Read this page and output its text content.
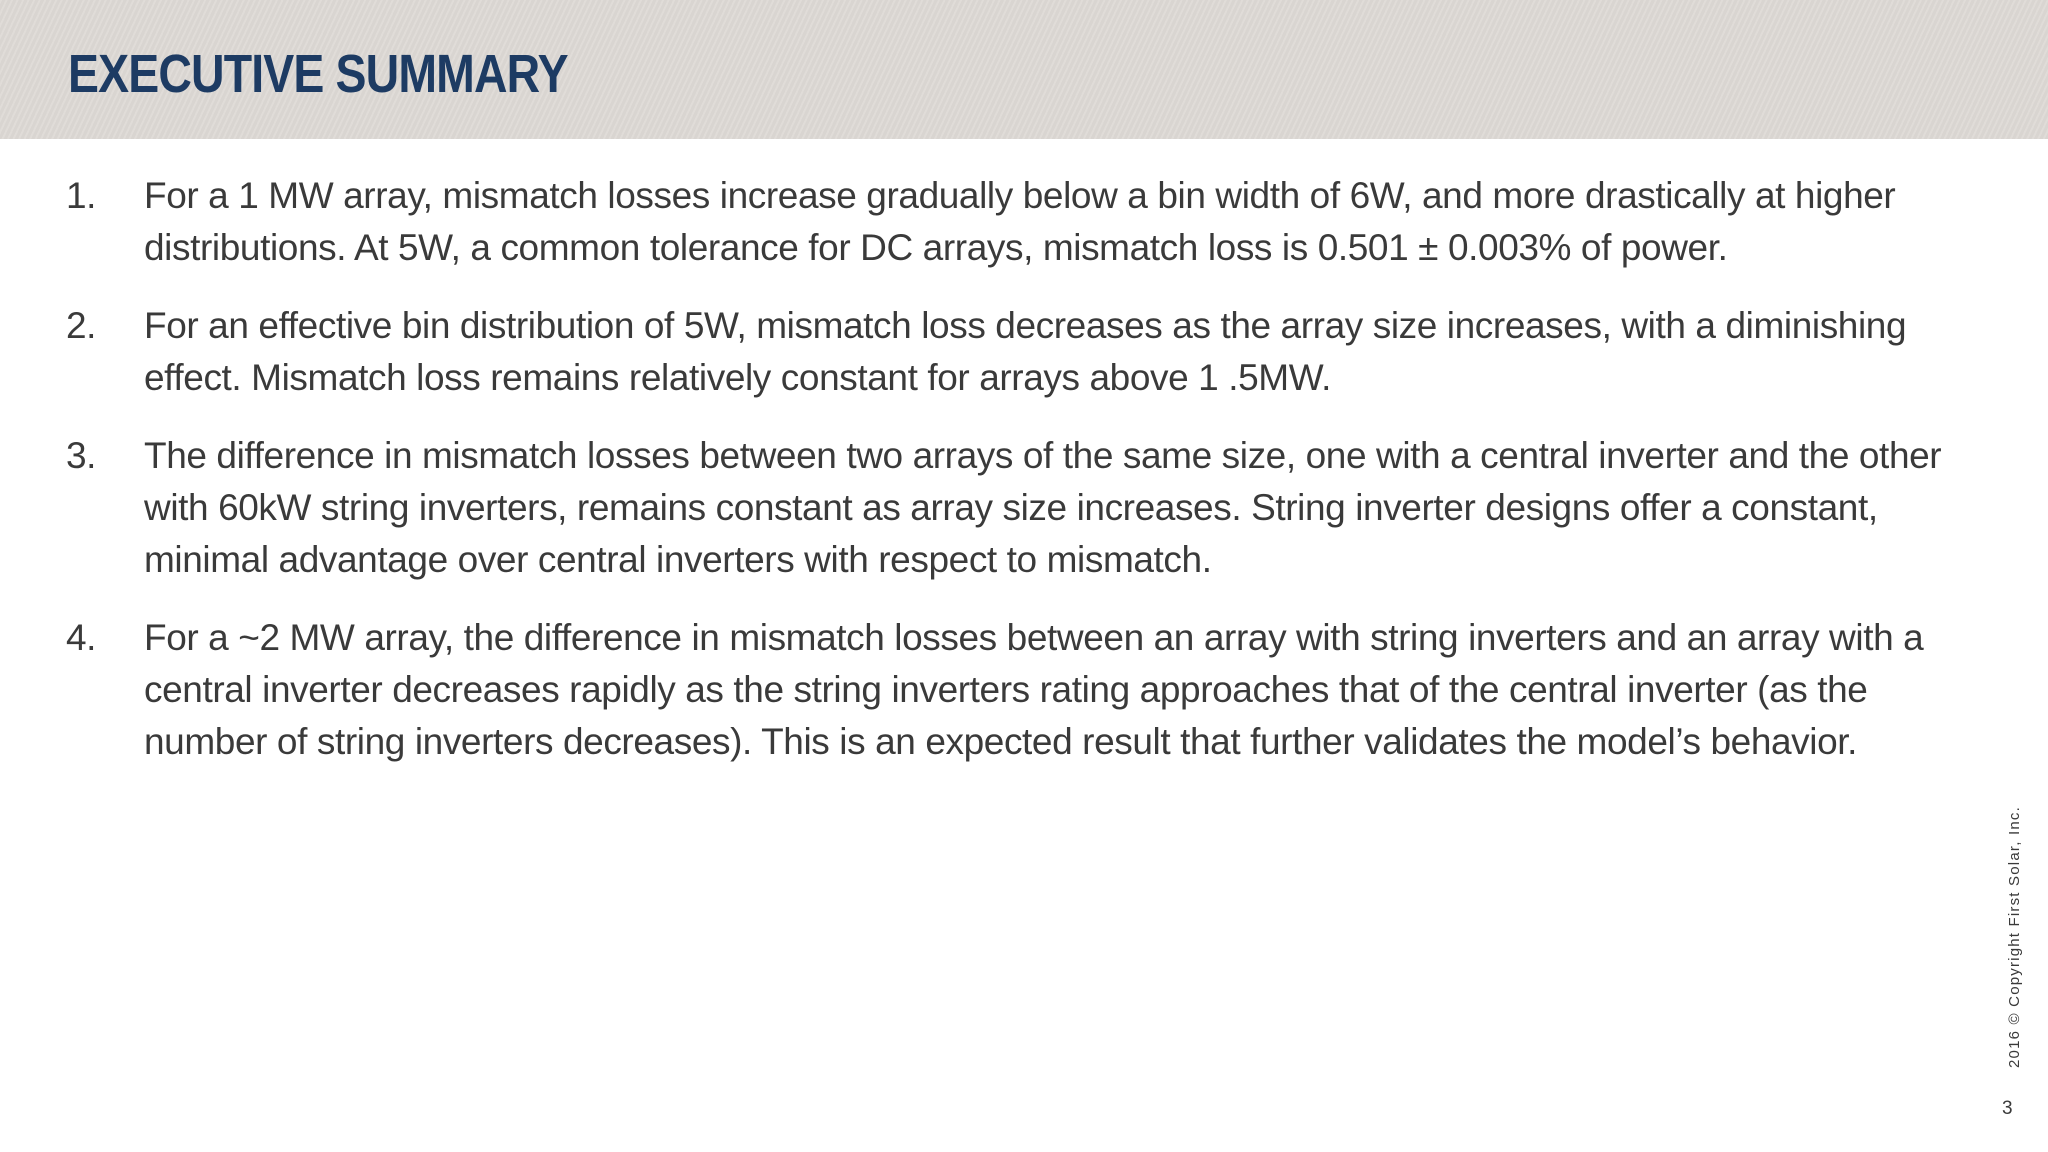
EXECUTIVE SUMMARY
1. For a 1 MW array, mismatch losses increase gradually below a bin width of 6W, and more drastically at higher distributions. At 5W, a common tolerance for DC arrays, mismatch loss is 0.501 ± 0.003% of power.
2. For an effective bin distribution of 5W, mismatch loss decreases as the array size increases, with a diminishing effect. Mismatch loss remains relatively constant for arrays above 1 .5MW.
3. The difference in mismatch losses between two arrays of the same size, one with a central inverter and the other with 60kW string inverters, remains constant as array size increases. String inverter designs offer a constant, minimal advantage over central inverters with respect to mismatch.
4. For a ~2 MW array, the difference in mismatch losses between an array with string inverters and an array with a central inverter decreases rapidly as the string inverters rating approaches that of the central inverter (as the number of string inverters decreases). This is an expected result that further validates the model’s behavior.
2016 © Copyright First Solar, Inc.
3
